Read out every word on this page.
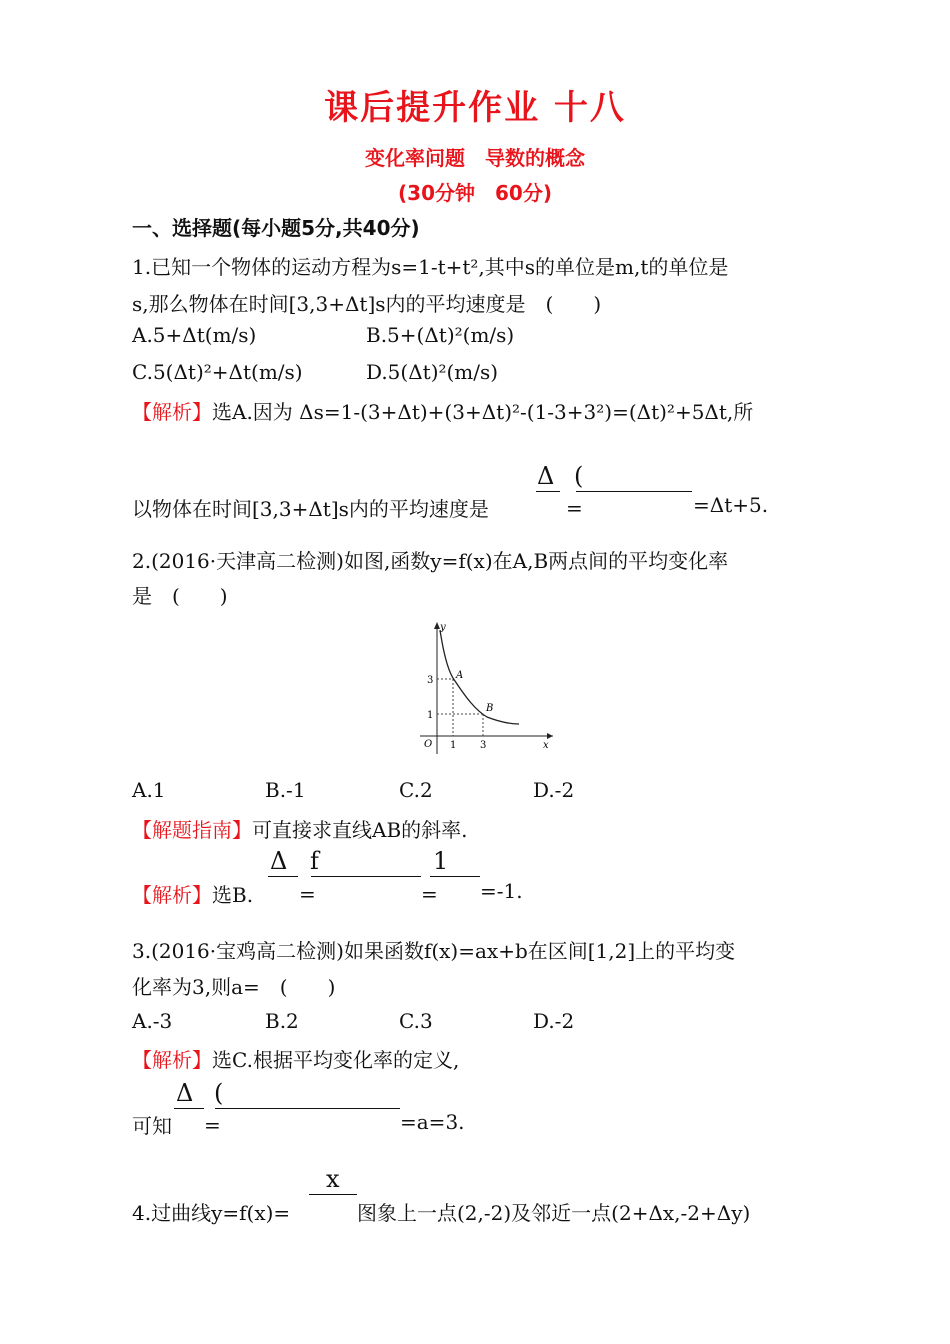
课后提升作业 十八
变化率问题　导数的概念
(30分钟　60分)
一、选择题(每小题5分,共40分)
1.已知一个物体的运动方程为s=1-t+t²,其中s的单位是m,t的单位是
s,那么物体在时间[3,3+Δt]s内的平均速度是　(　　)
A.5+Δt(m/s)	B.5+(Δt)²(m/s)
C.5(Δt)²+Δt(m/s)	D.5(Δt)²(m/s)
【解析】选A.因为 Δs=1-(3+Δt)+(3+Δt)²-(1-3+3²)=(Δt)²+5Δt,所
Δ (
以物体在时间[3,3+Δt]s内的平均速度是	=	=Δt+5.
2.(2016·天津高二检测)如图,函数y=f(x)在A,B两点间的平均变化率
是　(　　)
y
x
O
3
1
1 3
A
B
A.1	B.-1	C.2	D.-2
【解题指南】可直接求直线AB的斜率.
Δ f	1
【解析】选B. =	= =-1.
3.(2016·宝鸡高二检测)如果函数f(x)=ax+b在区间[1,2]上的平均变
化率为3,则a=　(　　)
A.-3	B.2	C.3	D.-2
【解析】选C.根据平均变化率的定义,
Δ (
可知 =	=a=3.
x
4.过曲线y=f(x)=	图象上一点(2,-2)及邻近一点(2+Δx,-2+Δy)
